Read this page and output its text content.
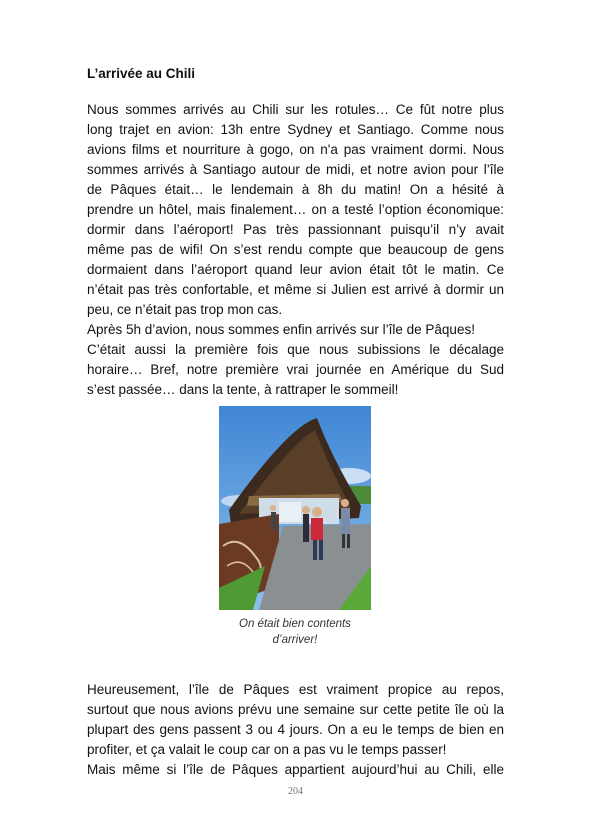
L’arrivée au Chili

Nous sommes arrivés au Chili sur les rotules… Ce fût notre plus
long trajet en avion: 13h entre Sydney et Santiago. Comme nous
avions films et nourriture à gogo, on n'a pas vraiment dormi. Nous
sommes arrivés à Santiago autour de midi, et notre avion pour l’île
de Pâques était… le lendemain à 8h du matin! On a hésité à
prendre un hôtel, mais finalement… on a testé l’option économique:
dormir dans l’aéroport! Pas très passionnant puisqu’il n’y avait
même pas de wifi! On s’est rendu compte que beaucoup de gens
dormaient dans l’aéroport quand leur avion était tôt le matin. Ce
n’était pas très confortable, et même si Julien est arrivé à dormir un
peu, ce n’était pas trop mon cas.
Après 5h d’avion, nous sommes enfin arrivés sur l’île de Pâques!
C’était aussi la première fois que nous subissions le décalage
horaire… Bref, notre première vrai journée en Amérique du Sud
s’est passée… dans la tente, à rattraper le sommeil!

On était bien contents
d’arriver!

Heureusement, l’île de Pâques est vraiment propice au repos,
surtout que nous avions prévu une semaine sur cette petite île où la
plupart des gens passent 3 ou 4 jours. On a eu le temps de bien en
profiter, et ça valait le coup car on a pas vu le temps passer!
Mais même si l’île de Pâques appartient aujourd’hui au Chili, elle

204
